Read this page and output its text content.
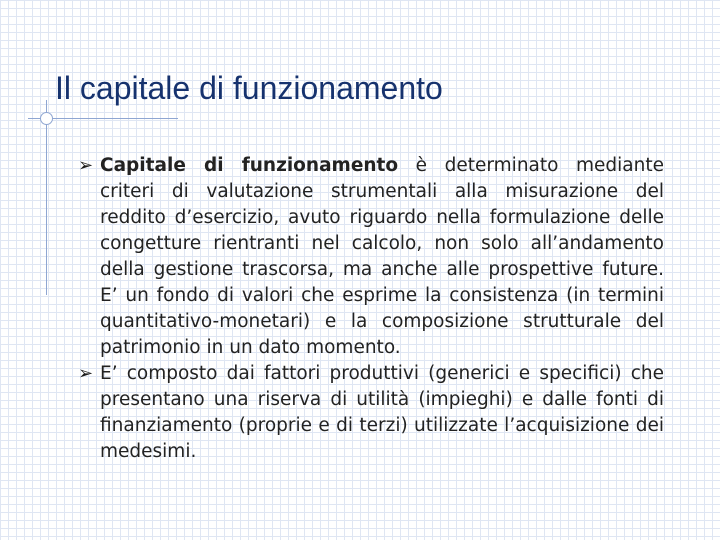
Il capitale di funzionamento

➢ Capitale di funzionamento è determinato mediante criteri di valutazione strumentali alla misurazione del reddito d’esercizio, avuto riguardo nella formulazione delle congetture rientranti nel calcolo, non solo all’andamento della gestione trascorsa, ma anche alle prospettive future. E’ un fondo di valori che esprime la consistenza (in termini quantitativo-monetari) e la composizione strutturale del patrimonio in un dato momento.

➢ E’ composto dai fattori produttivi (generici e specifici) che presentano una riserva di utilità (impieghi) e dalle fonti di finanziamento (proprie e di terzi) utilizzate l’acquisizione dei medesimi.
